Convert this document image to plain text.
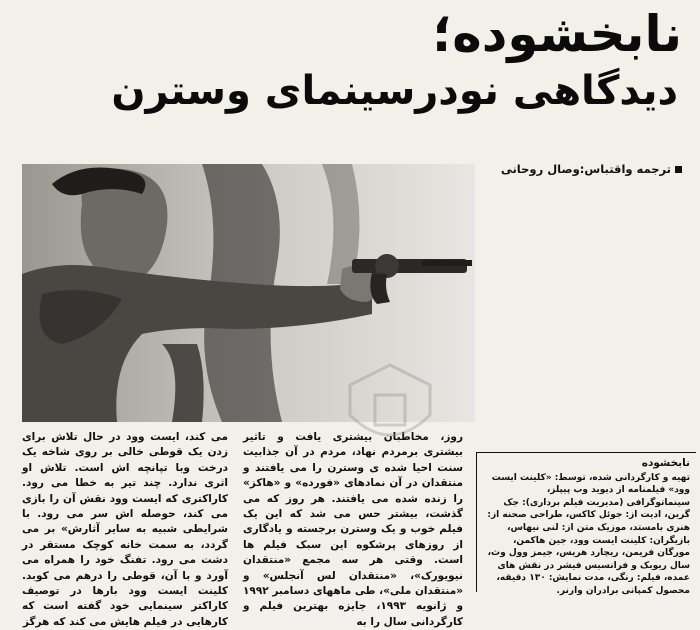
نابخشوده؛
دیدگاهی نودرسینمای وسترن
ترجمه واقتباس:وصال روحانی

روز، مخاطبان بیشتری یافت و تاثیر بیشتری برمردم نهاد، مردم در آن جذابیت سنت احیا شده ی وسترن را می یافتند و منتقدان در آن نمادهای «فورده» و «هاکز» را زنده شده می یافتند. هر روز که می گذشت، بیشتر حس می شد که این یک فیلم خوب و یک وسترن برجسته و یادگاری از روزهای پرشکوه این سبک فیلم ها است. وقتی هر سه مجمع «منتقدان نیویورک»، «منتقدان لس آنجلس» و «منتقدان ملی»، طی ماههای دسامبر ۱۹۹۲ و ژانویه ۱۹۹۳، جایزه بهترین فیلم و کارگردانی سال را به

می کند، ایست وود در حال تلاش برای زدن یک قوطی خالی بر روی شاخه یک درخت وبا تپانچه اش است. تلاش او اثری ندارد. چند تیر به خطا می رود. کاراکتری که ایست وود نقش آن را بازی می کند، حوصله اش سر می رود. با شرایطی شبیه به سایر آثارش» بر می گردد، به سمت خانه کوچک مستقر در دشت می رود. تفنگ خود را همراه می آورد و با آن، قوطی را درهم می کوبد. کلینت ایست وود بارها در توصیف کاراکتر سینمایی خود گفته است که کارهایی در فیلم هایش می کند که هرگز

نابخشوده

تهیه و کارگردانی شده، توسط: «کلینت ایست وود» فیلمنامه از دیوید وب پیپلز، سینماتوگرافی (مدیریت فیلم برداری): جک گرین، ادیت از: جوئل کاکس، طراحی صحنه از: هنری بامستد، موزیک متن از: لنی نیهاس، بازیگران: کلینت ایست وود، جین هاکمن، مورگان فریمن، ریچارد هریس، جیمز وول وث، سال ریوبک و فرانسیس فیشر در نقش های عمده، فیلم: رنگی، مدت نمایش: ۱۳۰ دقیقه، محصول کمپانی برادران وارنر.
